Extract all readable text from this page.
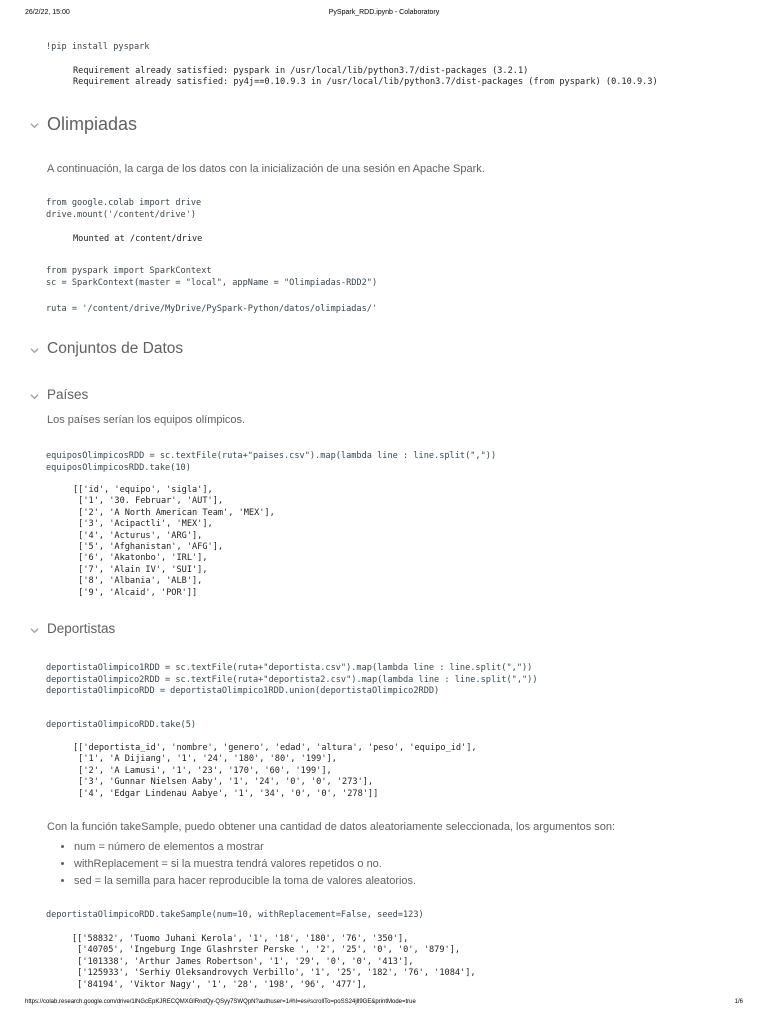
26/2/22, 15:00	PySpark_RDD.ipynb - Colaboratory
!pip install pyspark
Requirement already satisfied: pyspark in /usr/local/lib/python3.7/dist-packages (3.2.1)
Requirement already satisfied: py4j==0.10.9.3 in /usr/local/lib/python3.7/dist-packages (from pyspark) (0.10.9.3)
Olimpiadas
A continuación, la carga de los datos con la inicialización de una sesión en Apache Spark.
from google.colab import drive
drive.mount('/content/drive')
Mounted at /content/drive
from pyspark import SparkContext
sc = SparkContext(master = "local", appName = "Olimpiadas-RDD2")
ruta = '/content/drive/MyDrive/PySpark-Python/datos/olimpiadas/'
Conjuntos de Datos
Países
Los países serían los equipos olímpicos.
equiposOlimpicosRDD = sc.textFile(ruta+"paises.csv").map(lambda line : line.split(","))
equiposOlimpicosRDD.take(10)
[['id', 'equipo', 'sigla'],
['1', '30. Februar', 'AUT'],
['2', 'A North American Team', 'MEX'],
['3', 'Acipactli', 'MEX'],
['4', 'Acturus', 'ARG'],
['5', 'Afghanistan', 'AFG'],
['6', 'Akatonbo', 'IRL'],
['7', 'Alain IV', 'SUI'],
['8', 'Albania', 'ALB'],
['9', 'Alcaid', 'POR']]
Deportistas
deportistaOlimpico1RDD = sc.textFile(ruta+"deportista.csv").map(lambda line : line.split(","))
deportistaOlimpico2RDD = sc.textFile(ruta+"deportista2.csv").map(lambda line : line.split(","))
deportistaOlimpicoRDD = deportistaOlimpico1RDD.union(deportistaOlimpico2RDD)
deportistaOlimpicoRDD.take(5)
[['deportista_id', 'nombre', 'genero', 'edad', 'altura', 'peso', 'equipo_id'],
['1', 'A Dijiang', '1', '24', '180', '80', '199'],
['2', 'A Lamusi', '1', '23', '170', '60', '199'],
['3', 'Gunnar Nielsen Aaby', '1', '24', '0', '0', '273'],
['4', 'Edgar Lindenau Aabye', '1', '34', '0', '0', '278']]
Con la función takeSample, puedo obtener una cantidad de datos aleatoriamente seleccionada, los argumentos son:
• num = número de elementos a mostrar
• withReplacement = si la muestra tendrá valores repetidos o no.
• sed = la semilla para hacer reproducible la toma de valores aleatorios.
deportistaOlimpicoRDD.takeSample(num=10, withReplacement=False, seed=123)
[['58832', 'Tuomo Juhani Kerola', '1', '18', '180', '76', '350'],
['40705', 'Ingeburg Inge Glashrster Perske ', '2', '25', '0', '0', '879'],
['101338', 'Arthur James Robertson', '1', '29', '0', '0', '413'],
['125933', 'Serhiy Oleksandrovych Verbillo', '1', '25', '182', '76', '1084'],
['84194', 'Viktor Nagy', '1', '28', '198', '96', '477'],
https://colab.research.google.com/drive/1lNGcEpKJRECQMXGlRndQy-QSyy7SWQpN?authuser=1#hl=es#scrollTo=poSS24jll9GE&printMode=true	1/6
